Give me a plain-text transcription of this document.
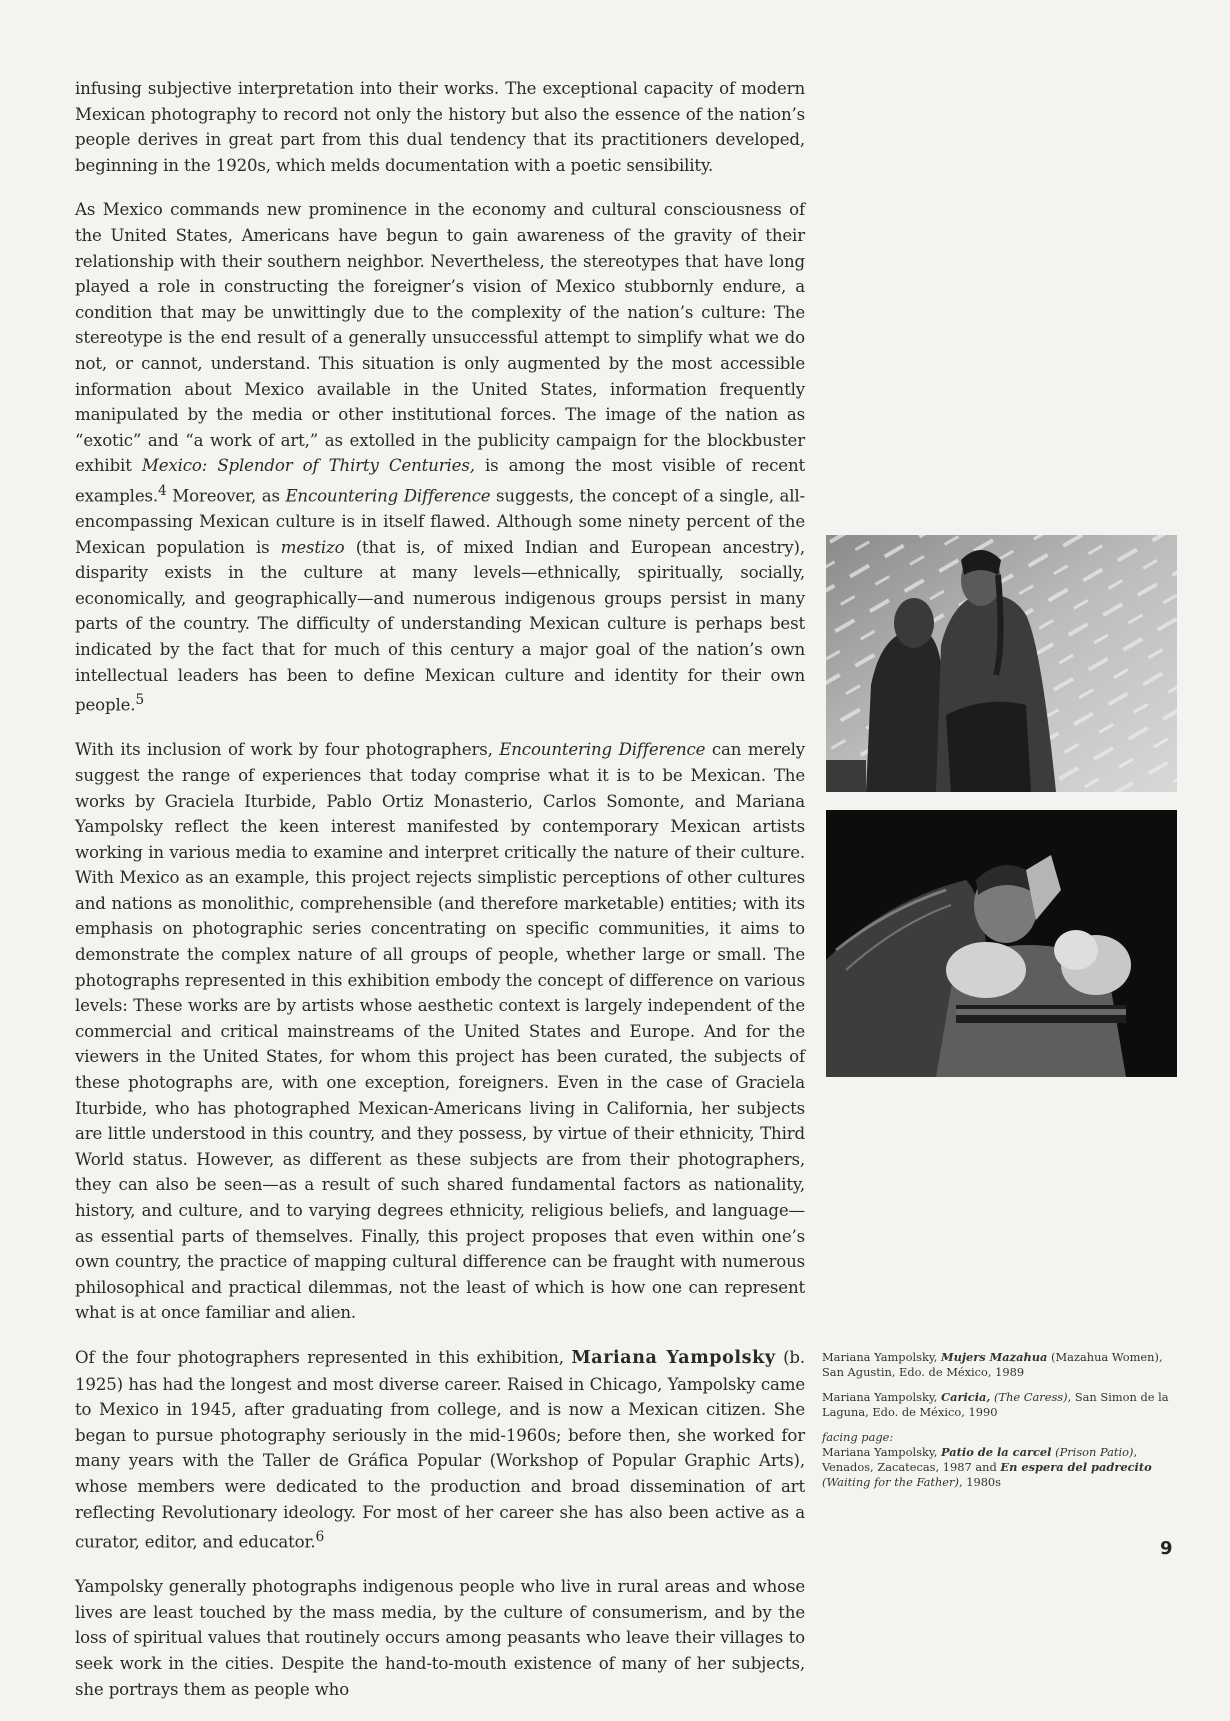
infusing subjective interpretation into their works. The exceptional capacity of modern Mexican photography to record not only the history but also the essence of the nation’s people derives in great part from this dual tendency that its practitioners developed, beginning in the 1920s, which melds documentation with a poetic sensibility.

As Mexico commands new prominence in the economy and cultural consciousness of the United States, Americans have begun to gain awareness of the gravity of their relationship with their southern neighbor. Nevertheless, the stereotypes that have long played a role in constructing the foreigner’s vision of Mexico stubbornly endure, a condition that may be unwittingly due to the complexity of the nation’s culture: The stereotype is the end result of a generally unsuccessful attempt to simplify what we do not, or cannot, understand. This situation is only augmented by the most accessible information about Mexico available in the United States, information frequently manipulated by the media or other institutional forces. The image of the nation as “exotic” and “a work of art,” as extolled in the publicity campaign for the blockbuster exhibit Mexico: Splendor of Thirty Centuries, is among the most visible of recent examples.$^4$ Moreover, as Encountering Difference suggests, the concept of a single, all-encompassing Mexican culture is in itself flawed. Although some ninety percent of the Mexican population is mestizo (that is, of mixed Indian and European ancestry), disparity exists in the culture at many levels—ethnically, spiritually, socially, economically, and geographically—and numerous indigenous groups persist in many parts of the country. The difficulty of understanding Mexican culture is perhaps best indicated by the fact that for much of this century a major goal of the nation’s own intellectual leaders has been to define Mexican culture and identity for their own people.$^5$

With its inclusion of work by four photographers, Encountering Difference can merely suggest the range of experiences that today comprise what it is to be Mexican. The works by Graciela Iturbide, Pablo Ortiz Monasterio, Carlos Somonte, and Mariana Yampolsky reflect the keen interest manifested by contemporary Mexican artists working in various media to examine and interpret critically the nature of their culture. With Mexico as an example, this project rejects simplistic perceptions of other cultures and nations as monolithic, comprehensible (and therefore marketable) entities; with its emphasis on photographic series concentrating on specific communities, it aims to demonstrate the complex nature of all groups of people, whether large or small. The photographs represented in this exhibition embody the concept of difference on various levels: These works are by artists whose aesthetic context is largely independent of the commercial and critical mainstreams of the United States and Europe. And for the viewers in the United States, for whom this project has been curated, the subjects of these photographs are, with one exception, foreigners. Even in the case of Graciela Iturbide, who has photographed Mexican-Americans living in California, her subjects are little understood in this country, and they possess, by virtue of their ethnicity, Third World status. However, as different as these subjects are from their photographers, they can also be seen—as a result of such shared fundamental factors as nationality, history, and culture, and to varying degrees ethnicity, religious beliefs, and language—as essential parts of themselves. Finally, this project proposes that even within one’s own country, the practice of mapping cultural difference can be fraught with numerous philosophical and practical dilemmas, not the least of which is how one can represent what is at once familiar and alien.

Of the four photographers represented in this exhibition, Mariana Yampolsky (b. 1925) has had the longest and most diverse career. Raised in Chicago, Yampolsky came to Mexico in 1945, after graduating from college, and is now a Mexican citizen. She began to pursue photography seriously in the mid-1960s; before then, she worked for many years with the Taller de Gráfica Popular (Workshop of Popular Graphic Arts), whose members were dedicated to the production and broad dissemination of art reflecting Revolutionary ideology. For most of her career she has also been active as a curator, editor, and educator.$^6$

Yampolsky generally photographs indigenous people who live in rural areas and whose lives are least touched by the mass media, by the culture of consumerism, and by the loss of spiritual values that routinely occurs among peasants who leave their villages to seek work in the cities. Despite the hand-to-mouth existence of many of her subjects, she portrays them as people who

Mariana Yampolsky, Mujers Mazahua (Mazahua Women), San Agustin, Edo. de México, 1989

Mariana Yampolsky, Caricia, (The Caress), San Simon de la Laguna, Edo. de México, 1990

facing page:
Mariana Yampolsky, Patio de la carcel (Prison Patio), Venados, Zacatecas, 1987 and En espera del padrecito (Waiting for the Father), 1980s

9
